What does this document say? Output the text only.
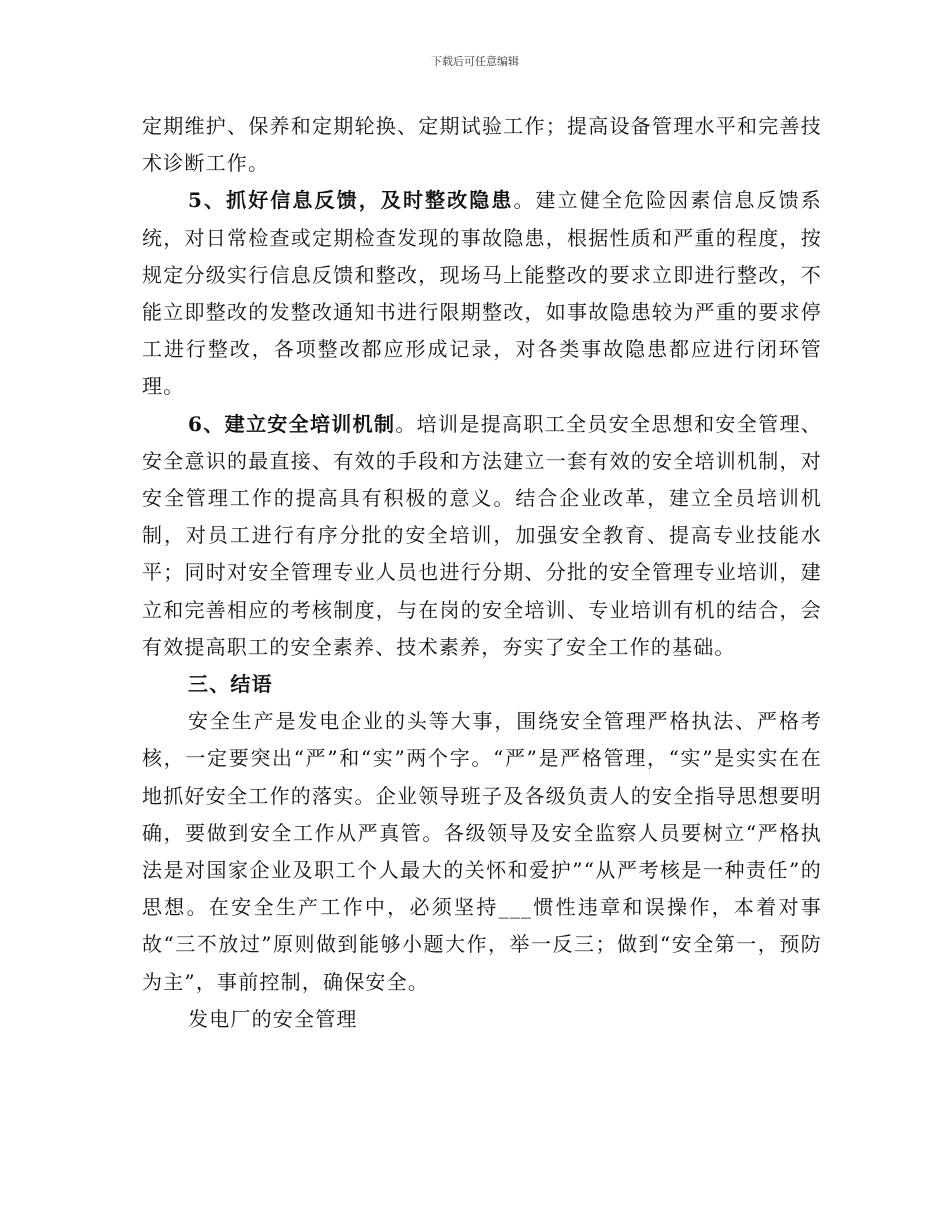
下载后可任意编辑

定期维护、保养和定期轮换、定期试验工作；提高设备管理水平和完善技术诊断工作。

5、抓好信息反馈，及时整改隐患。建立健全危险因素信息反馈系统，对日常检查或定期检查发现的事故隐患，根据性质和严重的程度，按规定分级实行信息反馈和整改，现场马上能整改的要求立即进行整改，不能立即整改的发整改通知书进行限期整改，如事故隐患较为严重的要求停工进行整改，各项整改都应形成记录，对各类事故隐患都应进行闭环管理。

6、建立安全培训机制。培训是提高职工全员安全思想和安全管理、安全意识的最直接、有效的手段和方法建立一套有效的安全培训机制，对安全管理工作的提高具有积极的意义。结合企业改革，建立全员培训机制，对员工进行有序分批的安全培训，加强安全教育、提高专业技能水平；同时对安全管理专业人员也进行分期、分批的安全管理专业培训，建立和完善相应的考核制度，与在岗的安全培训、专业培训有机的结合，会有效提高职工的安全素养、技术素养，夯实了安全工作的基础。

三、结语

安全生产是发电企业的头等大事，围绕安全管理严格执法、严格考核，一定要突出“严”和“实”两个字。“严”是严格管理，“实”是实实在在地抓好安全工作的落实。企业领导班子及各级负责人的安全指导思想要明确，要做到安全工作从严真管。各级领导及安全监察人员要树立“严格执法是对国家企业及职工个人最大的关怀和爱护”“从严考核是一种责任”的思想。在安全生产工作中，必须坚持___惯性违章和误操作，本着对事故“三不放过”原则做到能够小题大作，举一反三；做到“安全第一，预防为主”，事前控制，确保安全。

发电厂的安全管理
